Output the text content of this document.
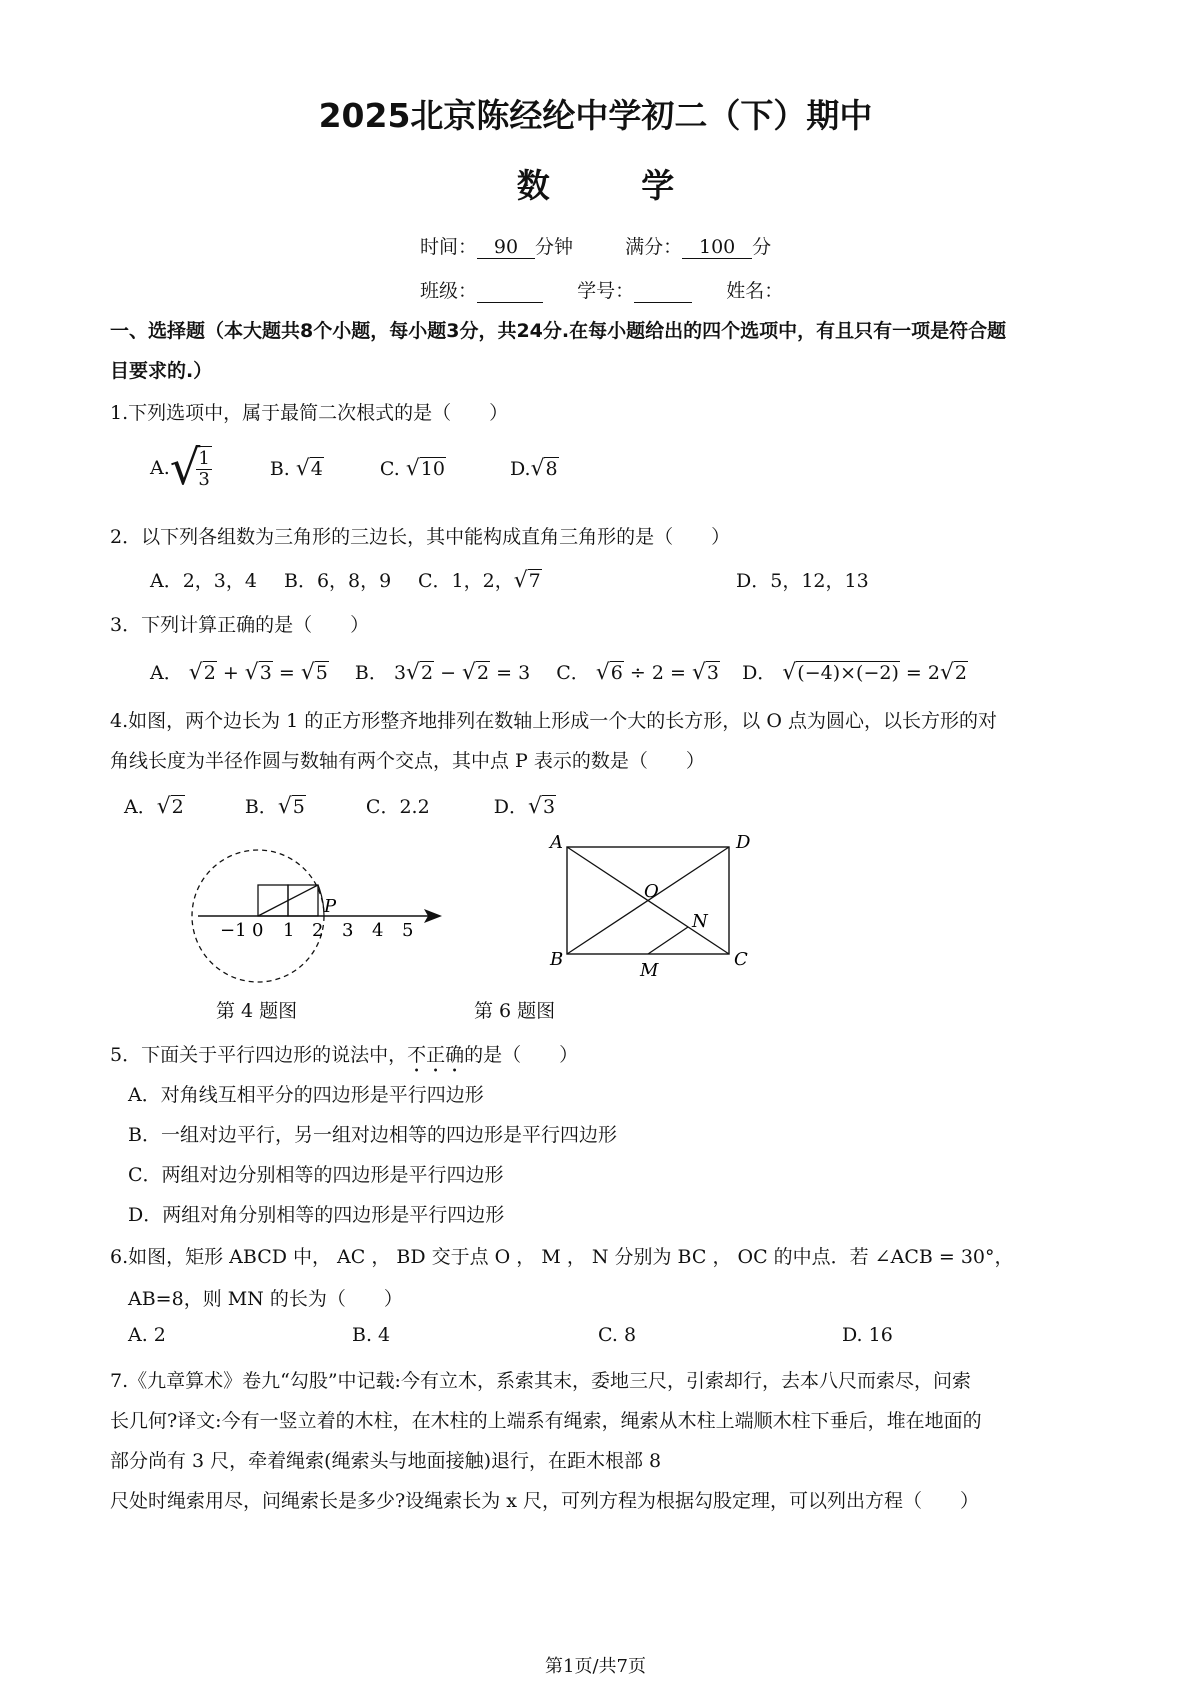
2025北京陈经纶中学初二（下）期中
数 学
时间： 90 分钟	满分： 100 分
班级：	学号：	姓名：
一、选择题（本大题共8个小题，每小题3分，共24分.在每小题给出的四个选项中，有且只有一项是符合题
目要求的.）
1.下列选项中，属于最简二次根式的是（　　）
A. √
$\frac{1}{3}$	B. √4	C. √10	D.√8
2．以下列各组数为三角形的三边长，其中能构成直角三角形的是（　　）
A．2，3，4 B．6，8，9 C．1，2，√7	D．5，12，13
3．下列计算正确的是（　　）
A． √2 + √3 = √5 B． 3√2 − √2 = 3 C． √6 ÷ 2 = √3 D． √(−4)×(−2) = 2√2
4.如图，两个边长为 1 的正方形整齐地排列在数轴上形成一个大的长方形，以 O 点为圆心，以长方形的对
角线长度为半径作圆与数轴有两个交点，其中点 P 表示的数是（　　）
A．√2	B．√5	C．2.2	D．√3
P
−1 0 1 2 3 4 5
第 4 题图
A	D
B	C
O
M
N
第 6 题图
5．下面关于平行四边形的说法中，不正确的是（　　）
A．对角线互相平分的四边形是平行四边形
B．一组对边平行，另一组对边相等的四边形是平行四边形
C．两组对边分别相等的四边形是平行四边形
D．两组对角分别相等的四边形是平行四边形
6.如图，矩形 ABCD 中， AC ， BD 交于点 O ， M ， N 分别为 BC ， OC 的中点．若 ∠ACB = 30°，
AB=8，则 MN 的长为（　　）
A. 2	B. 4	C. 8	D. 16
7.《九章算术》卷九“勾股”中记载:今有立木，系索其末，委地三尺，引索却行，去本八尺而索尽，问索
长几何?译文:今有一竖立着的木柱，在木柱的上端系有绳索，绳索从木柱上端顺木柱下垂后，堆在地面的
部分尚有 3 尺，牵着绳索(绳索头与地面接触)退行，在距木根部 8
尺处时绳索用尽，问绳索长是多少?设绳索长为 x 尺，可列方程为根据勾股定理，可以列出方程（　　）
第1页/共7页
